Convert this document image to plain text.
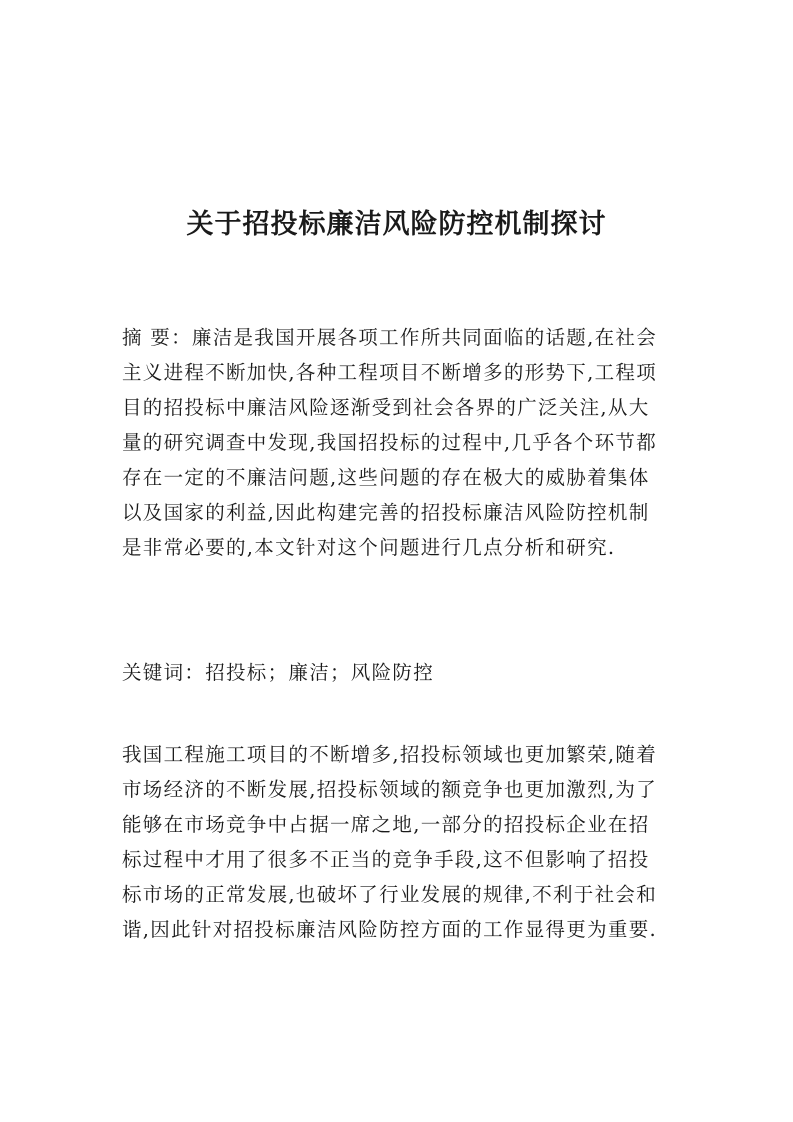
关于招投标廉洁风险防控机制探讨
摘 要：廉洁是我国开展各项工作所共同面临的话题,在社会
主义进程不断加快,各种工程项目不断增多的形势下,工程项
目的招投标中廉洁风险逐渐受到社会各界的广泛关注,从大
量的研究调查中发现,我国招投标的过程中,几乎各个环节都
存在一定的不廉洁问题,这些问题的存在极大的威胁着集体
以及国家的利益,因此构建完善的招投标廉洁风险防控机制
是非常必要的,本文针对这个问题进行几点分析和研究.
关键词：招投标；廉洁；风险防控
我国工程施工项目的不断增多,招投标领域也更加繁荣,随着
市场经济的不断发展,招投标领域的额竞争也更加激烈,为了
能够在市场竞争中占据一席之地,一部分的招投标企业在招
标过程中才用了很多不正当的竞争手段,这不但影响了招投
标市场的正常发展,也破坏了行业发展的规律,不利于社会和
谐,因此针对招投标廉洁风险防控方面的工作显得更为重要.
